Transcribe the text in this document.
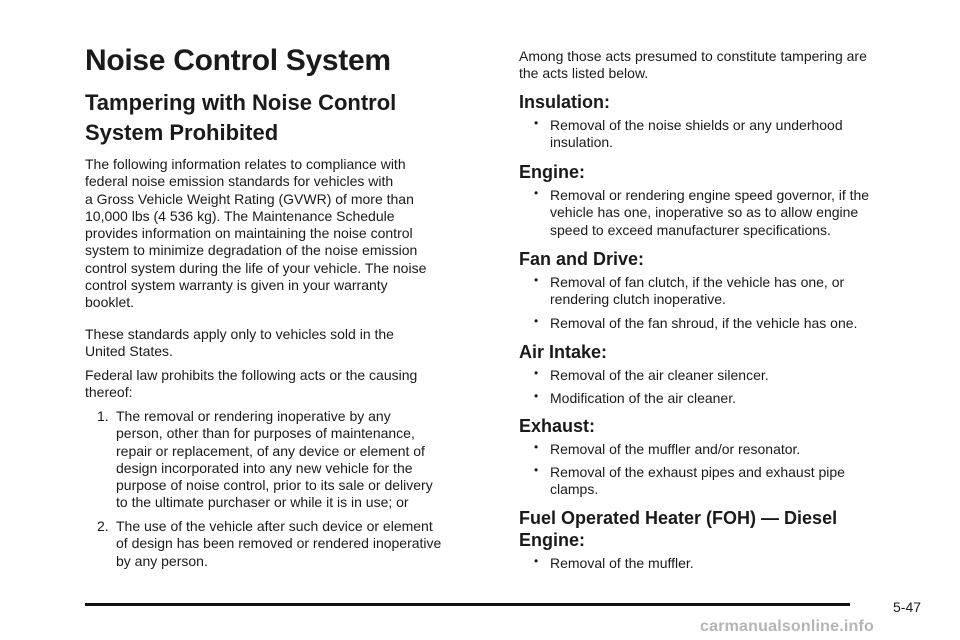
Noise Control System
Tampering with Noise Control
System Prohibited

The following information relates to compliance with
federal noise emission standards for vehicles with
a Gross Vehicle Weight Rating (GVWR) of more than
10,000 lbs (4 536 kg). The Maintenance Schedule
provides information on maintaining the noise control
system to minimize degradation of the noise emission
control system during the life of your vehicle. The noise
control system warranty is given in your warranty
booklet.

These standards apply only to vehicles sold in the
United States.

Federal law prohibits the following acts or the causing
thereof:

1. The removal or rendering inoperative by any
person, other than for purposes of maintenance,
repair or replacement, of any device or element of
design incorporated into any new vehicle for the
purpose of noise control, prior to its sale or delivery
to the ultimate purchaser or while it is in use; or
2. The use of the vehicle after such device or element
of design has been removed or rendered inoperative
by any person.

Among those acts presumed to constitute tampering are
the acts listed below.

Insulation:
• Removal of the noise shields or any underhood
insulation.
Engine:
• Removal or rendering engine speed governor, if the
vehicle has one, inoperative so as to allow engine
speed to exceed manufacturer specifications.
Fan and Drive:
• Removal of fan clutch, if the vehicle has one, or
rendering clutch inoperative.
• Removal of the fan shroud, if the vehicle has one.
Air Intake:
• Removal of the air cleaner silencer.
• Modification of the air cleaner.
Exhaust:
• Removal of the muffler and/or resonator.
• Removal of the exhaust pipes and exhaust pipe
clamps.
Fuel Operated Heater (FOH) — Diesel
Engine:
• Removal of the muffler.
5-47
carmanualsonline.info
